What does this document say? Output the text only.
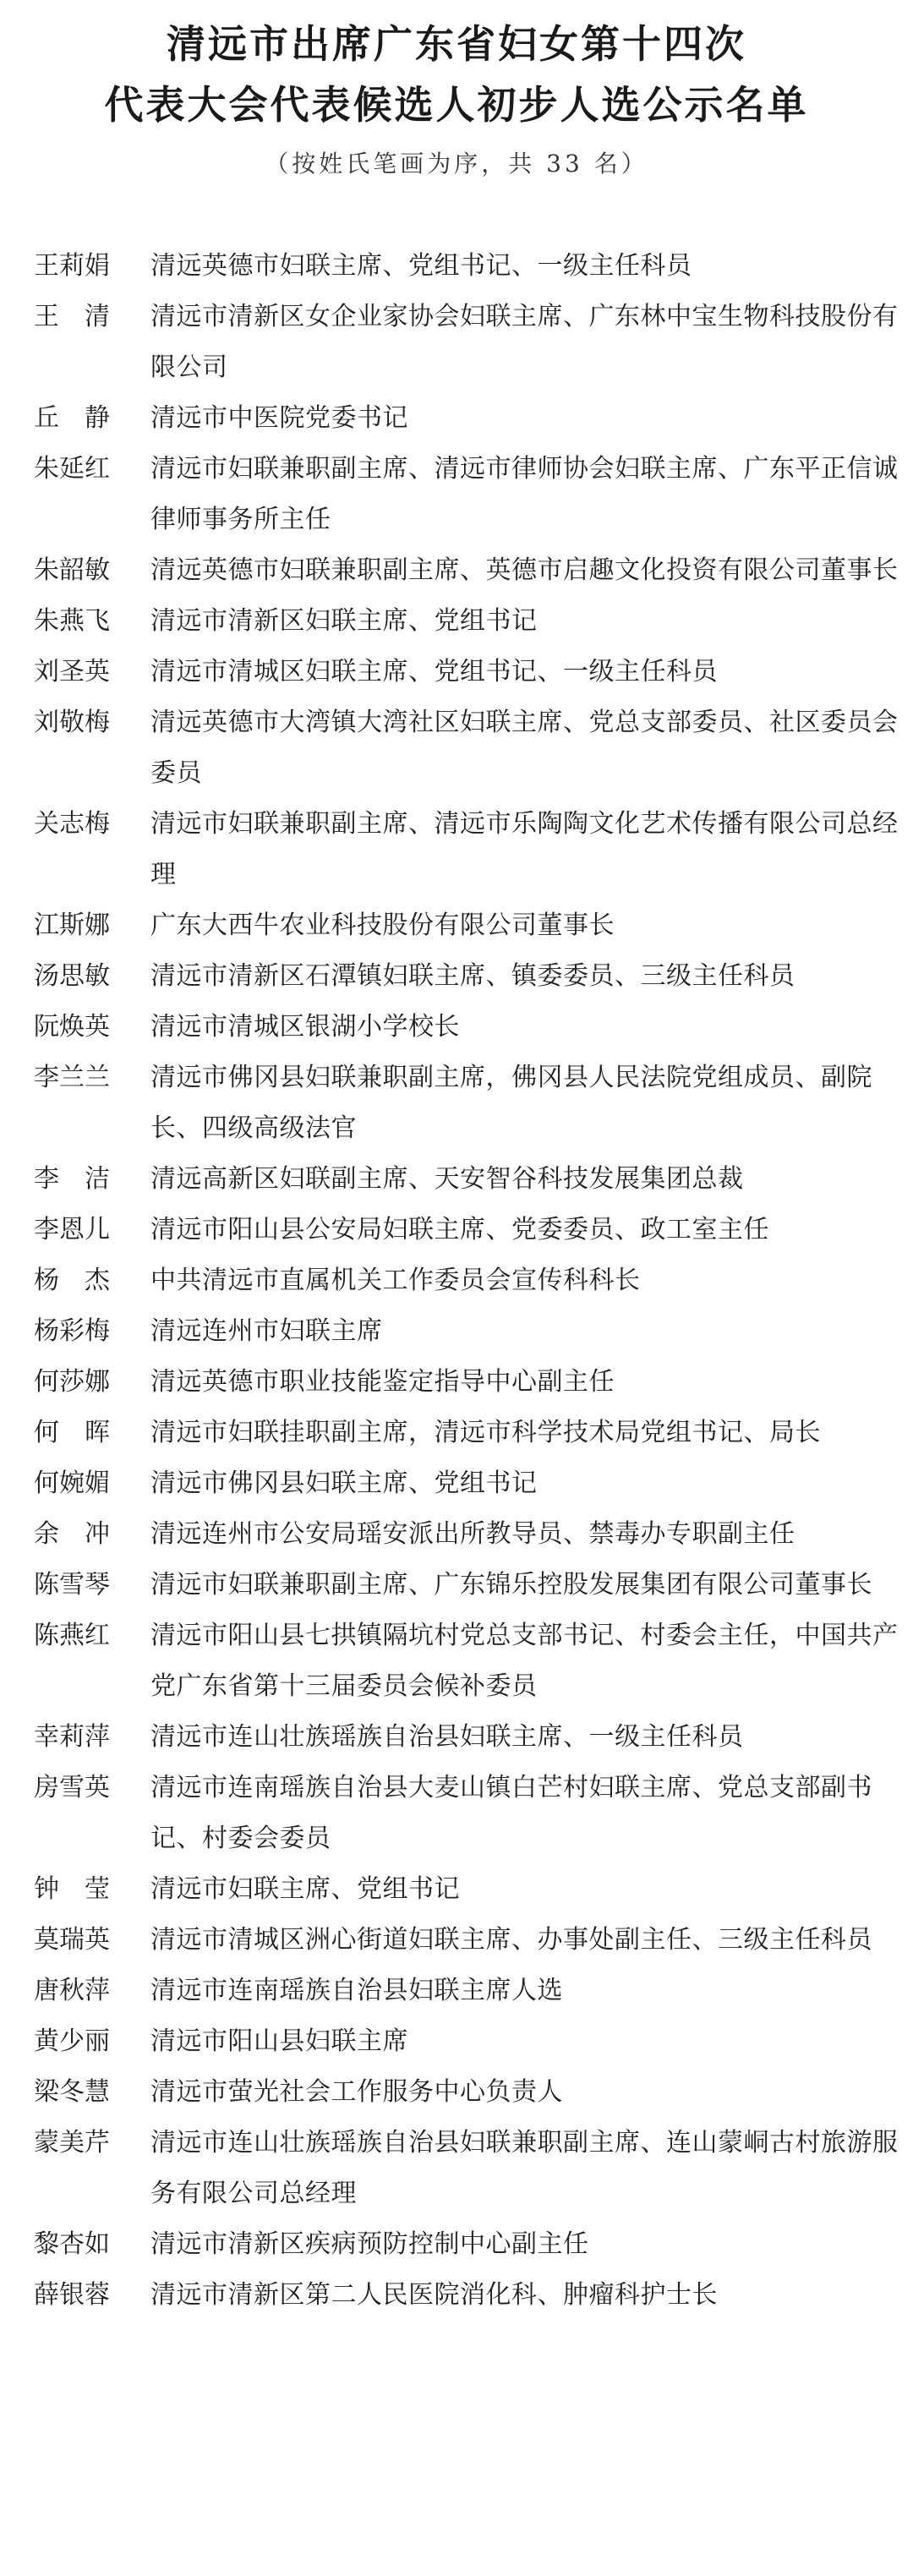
清远市出席广东省妇女第十四次
代表大会代表候选人初步人选公示名单
（按姓氏笔画为序，共 33 名）
王莉娟	清远英德市妇联主席、党组书记、一级主任科员
王　清	清远市清新区女企业家协会妇联主席、广东林中宝生物科技股份有限公司
丘　静	清远市中医院党委书记
朱延红	清远市妇联兼职副主席、清远市律师协会妇联主席、广东平正信诚律师事务所主任
朱韶敏	清远英德市妇联兼职副主席、英德市启趣文化投资有限公司董事长
朱燕飞	清远市清新区妇联主席、党组书记
刘圣英	清远市清城区妇联主席、党组书记、一级主任科员
刘敬梅	清远英德市大湾镇大湾社区妇联主席、党总支部委员、社区委员会委员
关志梅	清远市妇联兼职副主席、清远市乐陶陶文化艺术传播有限公司总经理
江斯娜	广东大西牛农业科技股份有限公司董事长
汤思敏	清远市清新区石潭镇妇联主席、镇委委员、三级主任科员
阮焕英	清远市清城区银湖小学校长
李兰兰	清远市佛冈县妇联兼职副主席，佛冈县人民法院党组成员、副院长、四级高级法官
李　洁	清远高新区妇联副主席、天安智谷科技发展集团总裁
李恩儿	清远市阳山县公安局妇联主席、党委委员、政工室主任
杨　杰	中共清远市直属机关工作委员会宣传科科长
杨彩梅	清远连州市妇联主席
何莎娜	清远英德市职业技能鉴定指导中心副主任
何　晖	清远市妇联挂职副主席，清远市科学技术局党组书记、局长
何婉媚	清远市佛冈县妇联主席、党组书记
余　冲	清远连州市公安局瑶安派出所教导员、禁毒办专职副主任
陈雪琴	清远市妇联兼职副主席、广东锦乐控股发展集团有限公司董事长
陈燕红	清远市阳山县七拱镇隔坑村党总支部书记、村委会主任，中国共产党广东省第十三届委员会候补委员
幸莉萍	清远市连山壮族瑶族自治县妇联主席、一级主任科员
房雪英	清远市连南瑶族自治县大麦山镇白芒村妇联主席、党总支部副书记、村委会委员
钟　莹	清远市妇联主席、党组书记
莫瑞英	清远市清城区洲心街道妇联主席、办事处副主任、三级主任科员
唐秋萍	清远市连南瑶族自治县妇联主席人选
黄少丽	清远市阳山县妇联主席
梁冬慧	清远市萤光社会工作服务中心负责人
蒙美芹	清远市连山壮族瑶族自治县妇联兼职副主席、连山蒙峒古村旅游服务有限公司总经理
黎杏如	清远市清新区疾病预防控制中心副主任
薛银蓉	清远市清新区第二人民医院消化科、肿瘤科护士长
